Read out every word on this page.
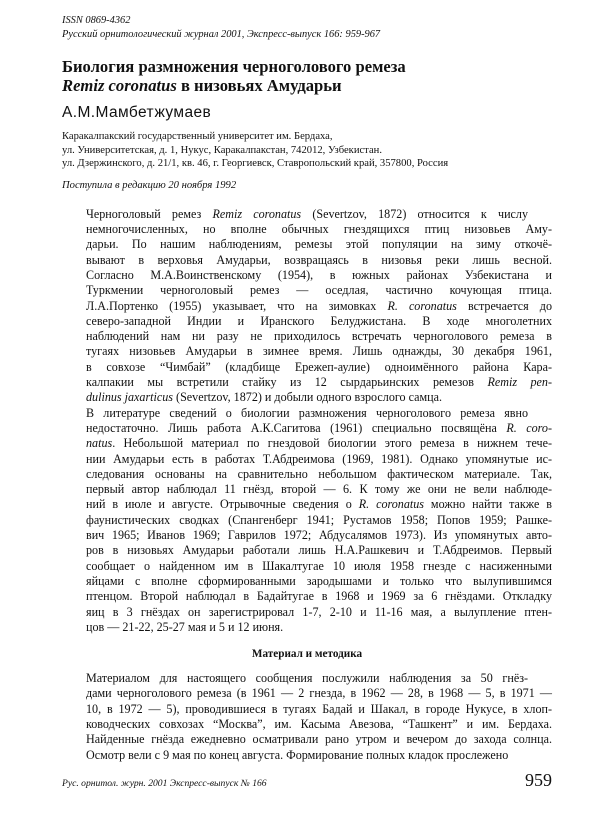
ISSN 0869-4362
Русский орнитологический журнал 2001, Экспресс-выпуск 166: 959-967
Биология размножения черноголового ремеза
Remiz coronatus в низовьях Амударьи
А.М.Мамбетжумаев
Каракалпакский государственный университет им. Бердаха,
ул. Университетская, д. 1, Нукус, Каракалпакстан, 742012, Узбекистан.
ул. Дзержинского, д. 21/1, кв. 46, г. Георгиевск, Ставропольский край, 357800, Россия
Поступила в редакцию 20 ноября 1992

Черноголовый ремез Remiz coronatus (Severtzov, 1872) относится к числу
немногочисленных, но вполне обычных гнездящихся птиц низовьев Аму-
дарьи. По нашим наблюдениям, ремезы этой популяции на зиму откочё-
вывают в верховья Амударьи, возвращаясь в низовья реки лишь весной.
Согласно М.А.Воинственскому (1954), в южных районах Узбекистана и
Туркмении черноголовый ремез — оседлая, частично кочующая птица.
Л.А.Портенко (1955) указывает, что на зимовках R. coronatus встречается до
северо-западной Индии и Иранского Белуджистана. В ходе многолетних
наблюдений нам ни разу не приходилось встречать черноголового ремеза в
тугаях низовьев Амударьи в зимнее время. Лишь однажды, 30 декабря 1961,
в совхозе “Чимбай” (кладбище Ережеп-аулие) одноимённого района Кара-
калпакии мы встретили стайку из 12 сырдарьинских ремезов Remiz pen-
dulinus jaxarticus (Severtzov, 1872) и добыли одного взрослого самца.

В литературе сведений о биологии размножения черноголового ремеза явно
недостаточно. Лишь работа А.К.Сагитова (1961) специально посвящёна R. coro-
natus. Небольшой материал по гнездовой биологии этого ремеза в нижнем тече-
нии Амударьи есть в работах Т.Абдреимова (1969, 1981). Однако упомянутые ис-
следования основаны на сравнительно небольшом фактическом материале. Так,
первый автор наблюдал 11 гнёзд, второй — 6. К тому же они не вели наблюде-
ний в июле и августе. Отрывочные сведения о R. coronatus можно найти также в
фаунистических сводках (Спангенберг 1941; Рустамов 1958; Попов 1959; Рашке-
вич 1965; Иванов 1969; Гаврилов 1972; Абдусалямов 1973). Из упомянутых авто-
ров в низовьях Амударьи работали лишь Н.А.Рашкевич и Т.Абдреимов. Первый
сообщает о найденном им в Шакалтугае 10 июля 1958 гнезде с насиженными
яйцами с вполне сформированными зародышами и только что вылупившимся
птенцом. Второй наблюдал в Бадайтугае в 1968 и 1969 за 6 гнёздами. Откладку
яиц в 3 гнёздах он зарегистрировал 1-7, 2-10 и 11-16 мая, а вылупление птен-
цов — 21-22, 25-27 мая и 5 и 12 июня.

Материал и методика

Материалом для настоящего сообщения послужили наблюдения за 50 гнёз-
дами черноголового ремеза (в 1961 — 2 гнезда, в 1962 — 28, в 1968 — 5, в 1971 —
10, в 1972 — 5), проводившиеся в тугаях Бадай и Шакал, в городе Нукусе, в хлоп-
ководческих совхозах “Москва”, им. Касыма Авезова, “Ташкент” и им. Бердаха.
Найденные гнёзда ежедневно осматривали рано утром и вечером до захода солнца.
Осмотр вели с 9 мая по конец августа. Формирование полных кладок прослежено

Рус. орнитол. журн. 2001 Экспресс-выпуск № 166	959
